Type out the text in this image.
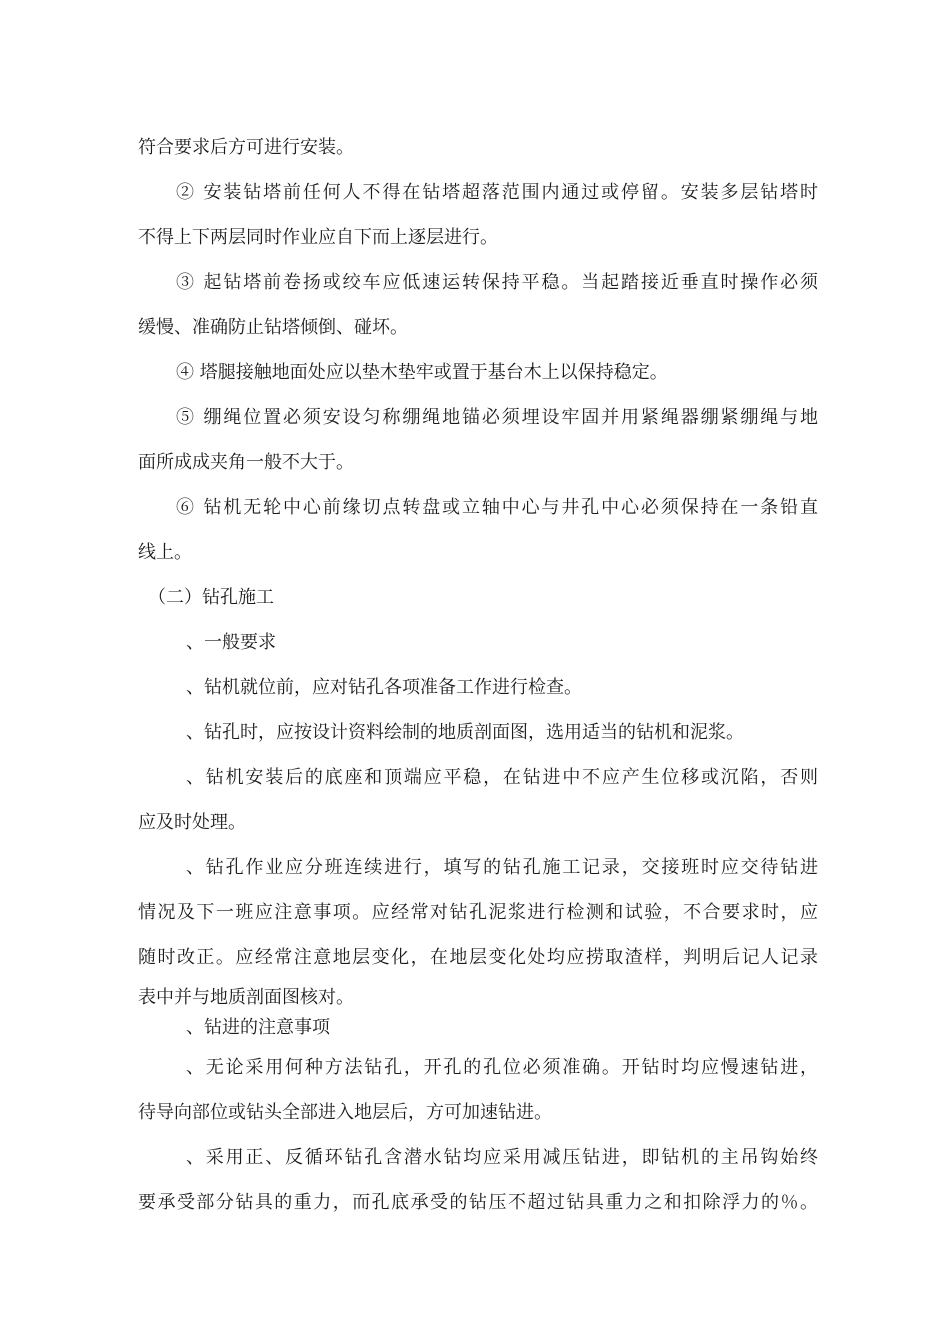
符合要求后方可进行安装。

② 安装钻塔前任何人不得在钻塔超落范围内通过或停留。安装多层钻塔时

不得上下两层同时作业应自下而上逐层进行。

③ 起钻塔前卷扬或绞车应低速运转保持平稳。当起踏接近垂直时操作必须

缓慢、准确防止钻塔倾倒、碰坏。

④ 塔腿接触地面处应以垫木垫牢或置于基台木上以保持稳定。

⑤ 绷绳位置必须安设匀称绷绳地锚必须埋设牢固并用紧绳器绷紧绷绳与地

面所成成夹角一般不大于。

⑥ 钻机无轮中心前缘切点转盘或立轴中心与井孔中心必须保持在一条铅直

线上。

（二）钻孔施工

、一般要求

、钻机就位前，应对钻孔各项准备工作进行检查。

、钻孔时，应按设计资料绘制的地质剖面图，选用适当的钻机和泥浆。

、钻机安装后的底座和顶端应平稳，在钻进中不应产生位移或沉陷，否则

应及时处理。

、钻孔作业应分班连续进行，填写的钻孔施工记录，交接班时应交待钻进

情况及下一班应注意事项。应经常对钻孔泥浆进行检测和试验，不合要求时，应

随时改正。应经常注意地层变化，在地层变化处均应捞取渣样，判明后记人记录

表中并与地质剖面图核对。

、钻进的注意事项

、无论采用何种方法钻孔，开孔的孔位必须准确。开钻时均应慢速钻进，

待导向部位或钻头全部进入地层后，方可加速钻进。

、采用正、反循环钻孔含潜水钻均应采用减压钻进，即钻机的主吊钩始终

要承受部分钻具的重力，而孔底承受的钻压不超过钻具重力之和扣除浮力的％。
